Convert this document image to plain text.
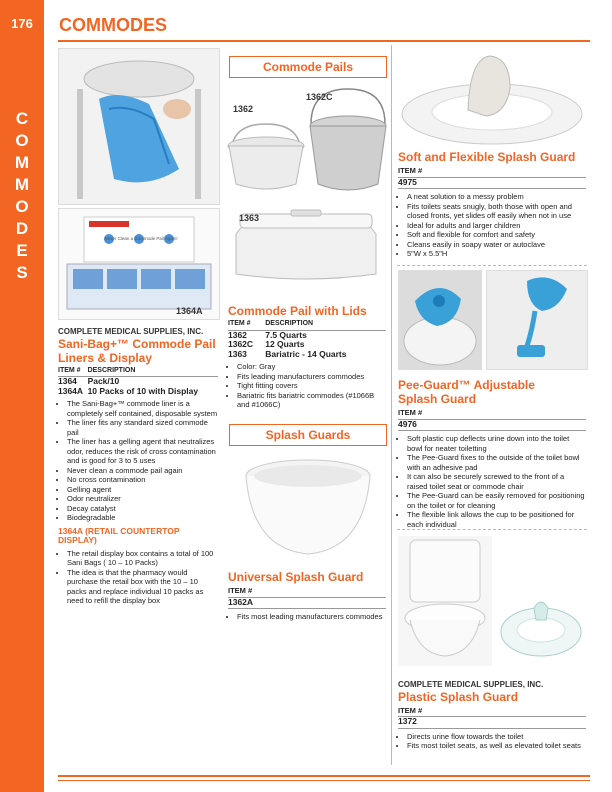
176
C
O
M
M
O
D
E
S
COMMODES
Never Clean a Commode Pail Again!
1364A
COMPLETE MEDICAL SUPPLIES, INC.
Sani-Bag+™ Commode Pail
Liners & Display
ITEM #	DESCRIPTION
1364	Pack/10
1364A	10 Packs of 10 with Display
• The Sani-Bag+™ commode liner is a completely self contained, disposable system
• The liner fits any standard sized commode pail
• The liner has a gelling agent that neutralizes odor, reduces the risk of cross contamination and is good for 3 to 5 uses
• Never clean a commode pail again
• No cross contamination
• Gelling agent
• Odor neutralizer
• Decay catalyst
• Biodegradable
1364A (RETAIL COUNTERTOP DISPLAY)
• The retail display box contains a total of 100 Sani Bags ( 10 – 10 Packs)
• The idea is that the pharmacy would purchase the retail box with the 10 – 10 packs and replace individual 10 packs as need to refill the display box
Commode Pails
1362
1362C
1363
Commode Pail with Lids
ITEM #	DESCRIPTION
1362	7.5 Quarts
1362C	12 Quarts
1363	Bariatric - 14 Quarts
• Color: Gray
• Fits leading manufacturers commodes
• Tight fitting covers
• Bariatric fits bariatric commodes (#1066B and #1066C)
Splash Guards
Universal Splash Guard
ITEM #
1362A
• Fits most leading manufacturers commodes
Soft and Flexible Splash Guard
ITEM #
4975
• A neat solution to a messy problem
• Fits toilets seats snugly, both those with open and closed fronts, yet slides off easily when not in use
• Ideal for adults and larger children
• Soft and flexible for comfort and safety
• Cleans easily in soapy water or autoclave
• 5"W x 5.5"H
Pee-Guard™ Adjustable
Splash Guard
ITEM #
4976
• Soft plastic cup deflects urine down into the toilet bowl for neater toiletting
• The Pee-Guard fixes to the outside of the toilet bowl with an adhesive pad
• It can also be securely screwed to the front of a raised toilet seat or commode chair
• The Pee-Guard can be easily removed for positioning on the toilet or for cleaning
• The flexible link allows the cup to be positioned for each individual
COMPLETE MEDICAL SUPPLIES, INC.
Plastic Splash Guard
ITEM #
1372
• Directs urine flow towards the toilet
• Fits most toilet seats, as well as elevated toilet seats
